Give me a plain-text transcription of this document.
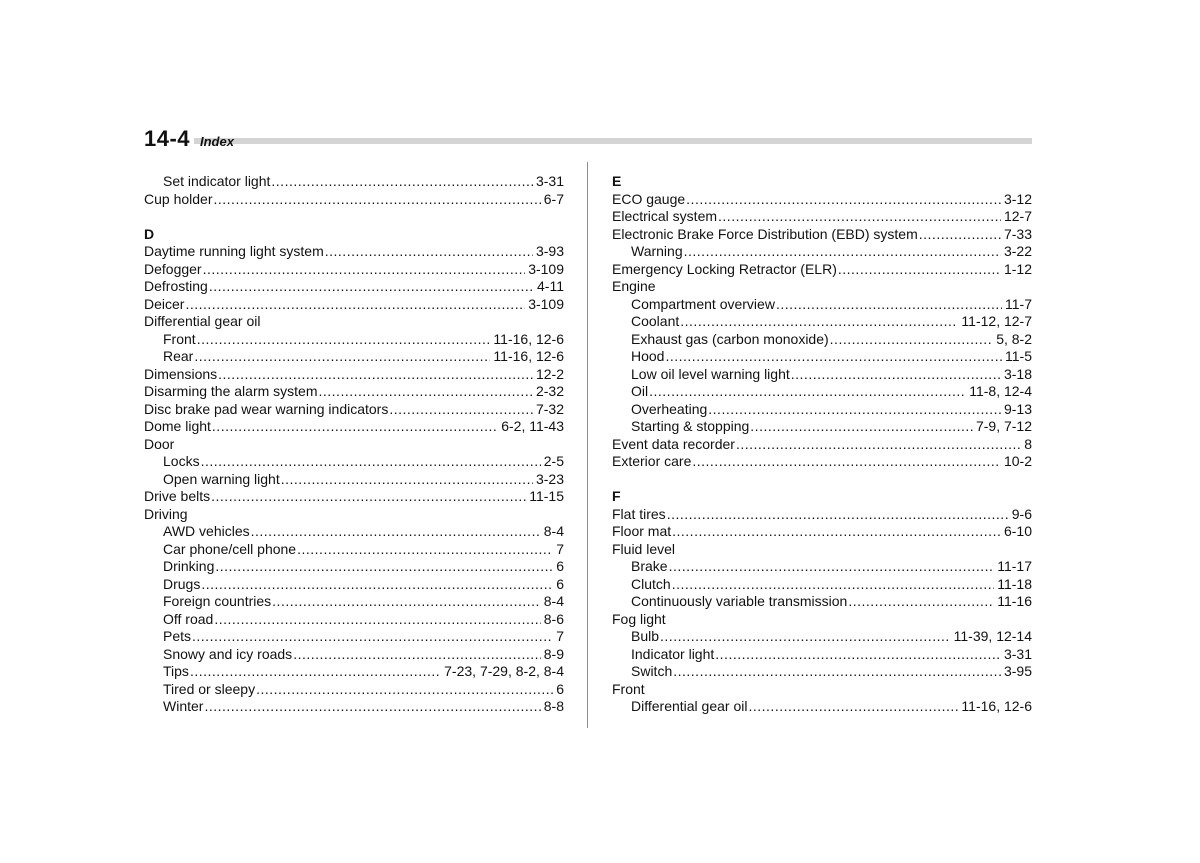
14-4 Index
Set indicator light .....	3-31
Cup holder .....	6-7
D
Daytime running light system .....	3-93
Defogger .....	3-109
Defrosting .....	4-11
Deicer .....	3-109
Differential gear oil
Front .....	11-16, 12-6
Rear .....	11-16, 12-6
Dimensions .....	12-2
Disarming the alarm system .....	2-32
Disc brake pad wear warning indicators .....	7-32
Dome light .....	6-2, 11-43
Door
Locks .....	2-5
Open warning light .....	3-23
Drive belts .....	11-15
Driving
AWD vehicles .....	8-4
Car phone/cell phone .....	7
Drinking .....	6
Drugs .....	6
Foreign countries .....	8-4
Off road .....	8-6
Pets .....	7
Snowy and icy roads .....	8-9
Tips .....	7-23, 7-29, 8-2, 8-4
Tired or sleepy .....	6
Winter .....	8-8
E
ECO gauge .....	3-12
Electrical system .....	12-7
Electronic Brake Force Distribution (EBD) system .....	7-33
Warning .....	3-22
Emergency Locking Retractor (ELR) .....	1-12
Engine
Compartment overview .....	11-7
Coolant .....	11-12, 12-7
Exhaust gas (carbon monoxide) .....	5, 8-2
Hood .....	11-5
Low oil level warning light .....	3-18
Oil .....	11-8, 12-4
Overheating .....	9-13
Starting & stopping .....	7-9, 7-12
Event data recorder .....	8
Exterior care .....	10-2
F
Flat tires .....	9-6
Floor mat .....	6-10
Fluid level
Brake .....	11-17
Clutch .....	11-18
Continuously variable transmission .....	11-16
Fog light
Bulb .....	11-39, 12-14
Indicator light .....	3-31
Switch .....	3-95
Front
Differential gear oil .....	11-16, 12-6
